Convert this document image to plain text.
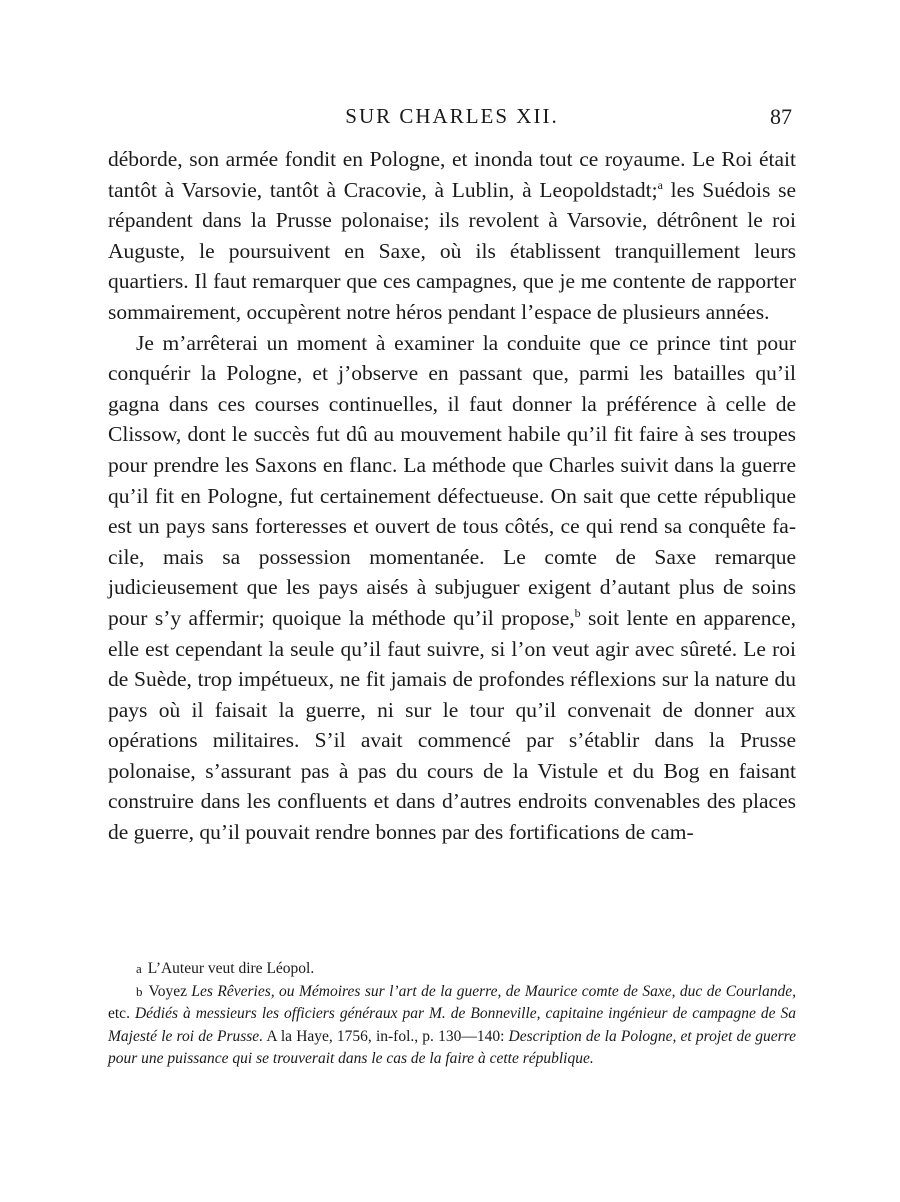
SUR CHARLES XII.	87

déborde, son armée fondit en Pologne, et inonda tout ce royaume. Le Roi était tantôt à Varsovie, tantôt à Cracovie, à Lublin, à Leopoldstadt;$^a$ les Suédois se répandent dans la Prusse polonaise; ils revolent à Varsovie, détrônent le roi Auguste, le poursuivent en Saxe, où ils établissent tranquillement leurs quartiers. Il faut remarquer que ces campagnes, que je me contente de rapporter sommairement, occupèrent notre héros pendant l’espace de plusieurs années.

Je m’arrêterai un moment à examiner la conduite que ce prince tint pour conquérir la Pologne, et j’observe en passant que, parmi les batailles qu’il gagna dans ces courses continuelles, il faut donner la préférence à celle de Clissow, dont le succès fut dû au mouvement habile qu’il fit faire à ses troupes pour prendre les Saxons en flanc. La méthode que Charles suivit dans la guerre qu’il fit en Pologne, fut certainement défectueuse. On sait que cette république est un pays sans forteresses et ouvert de tous côtés, ce qui rend sa conquête facile, mais sa possession momentanée. Le comte de Saxe remarque judicieusement que les pays aisés à subjuguer exigent d’autant plus de soins pour s’y affermir; quoique la méthode qu’il propose,$^b$ soit lente en apparence, elle est cependant la seule qu’il faut suivre, si l’on veut agir avec sûreté. Le roi de Suède, trop impétueux, ne fit jamais de profondes réflexions sur la nature du pays où il faisait la guerre, ni sur le tour qu’il convenait de donner aux opérations militaires. S’il avait commencé par s’établir dans la Prusse polonaise, s’assurant pas à pas du cours de la Vistule et du Bog en faisant construire dans les confluents et dans d’autres endroits convenables des places de guerre, qu’il pouvait rendre bonnes par des fortifications de cam-

a L’Auteur veut dire Léopol.

b Voyez Les Rêveries, ou Mémoires sur l’art de la guerre, de Maurice comte de Saxe, duc de Courlande, etc. Dédiés à messieurs les officiers généraux par M. de Bonneville, capitaine ingénieur de campagne de Sa Majesté le roi de Prusse. A la Haye, 1756, in-fol., p. 130—140: Description de la Pologne, et projet de guerre pour une puissance qui se trouverait dans le cas de la faire à cette république.
